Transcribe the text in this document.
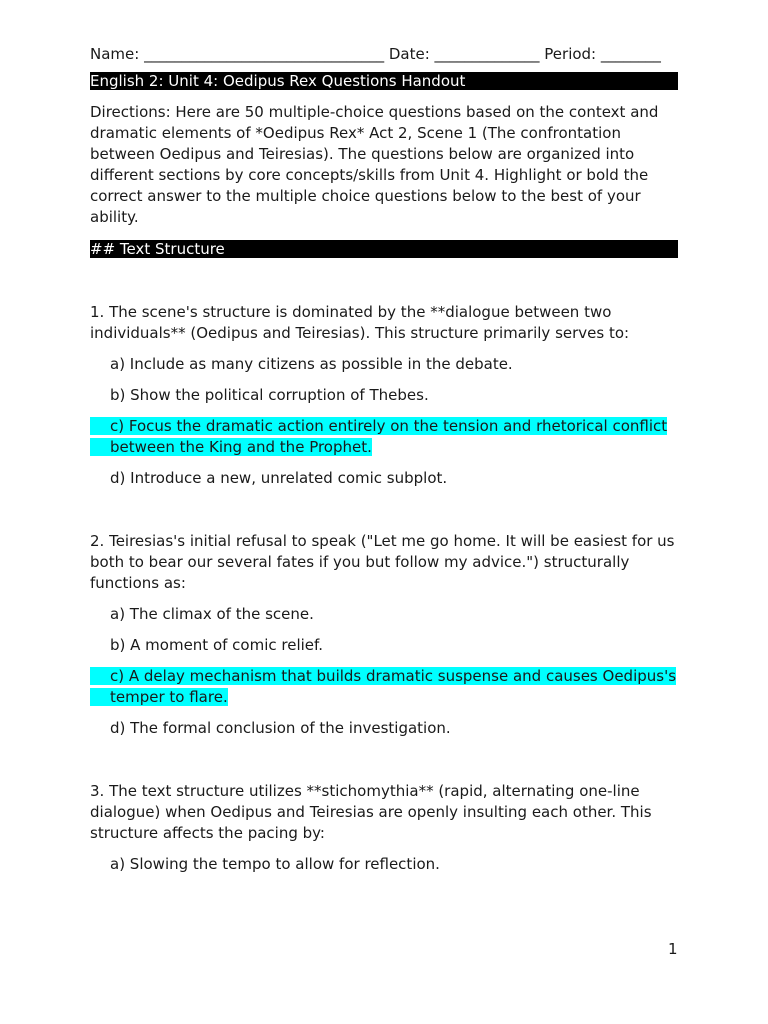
Name: ________________________________ Date: ______________ Period: ________

English 2: Unit 4: Oedipus Rex Questions Handout

Directions: Here are 50 multiple-choice questions based on the context and dramatic elements of *Oedipus Rex* Act 2, Scene 1 (The confrontation between Oedipus and Teiresias). The questions below are organized into different sections by core concepts/skills from Unit 4. Highlight or bold the correct answer to the multiple choice questions below to the best of your ability.

## Text Structure

1. The scene's structure is dominated by the **dialogue between two individuals** (Oedipus and Teiresias). This structure primarily serves to:

a) Include as many citizens as possible in the debate.

b) Show the political corruption of Thebes.

c) Focus the dramatic action entirely on the tension and rhetorical conflict between the King and the Prophet.

d) Introduce a new, unrelated comic subplot.

2. Teiresias's initial refusal to speak ("Let me go home. It will be easiest for us both to bear our several fates if you but follow my advice.") structurally functions as:

a) The climax of the scene.

b) A moment of comic relief.

c) A delay mechanism that builds dramatic suspense and causes Oedipus's temper to flare.

d) The formal conclusion of the investigation.

3. The text structure utilizes **stichomythia** (rapid, alternating one-line dialogue) when Oedipus and Teiresias are openly insulting each other. This structure affects the pacing by:

a) Slowing the tempo to allow for reflection.

1
